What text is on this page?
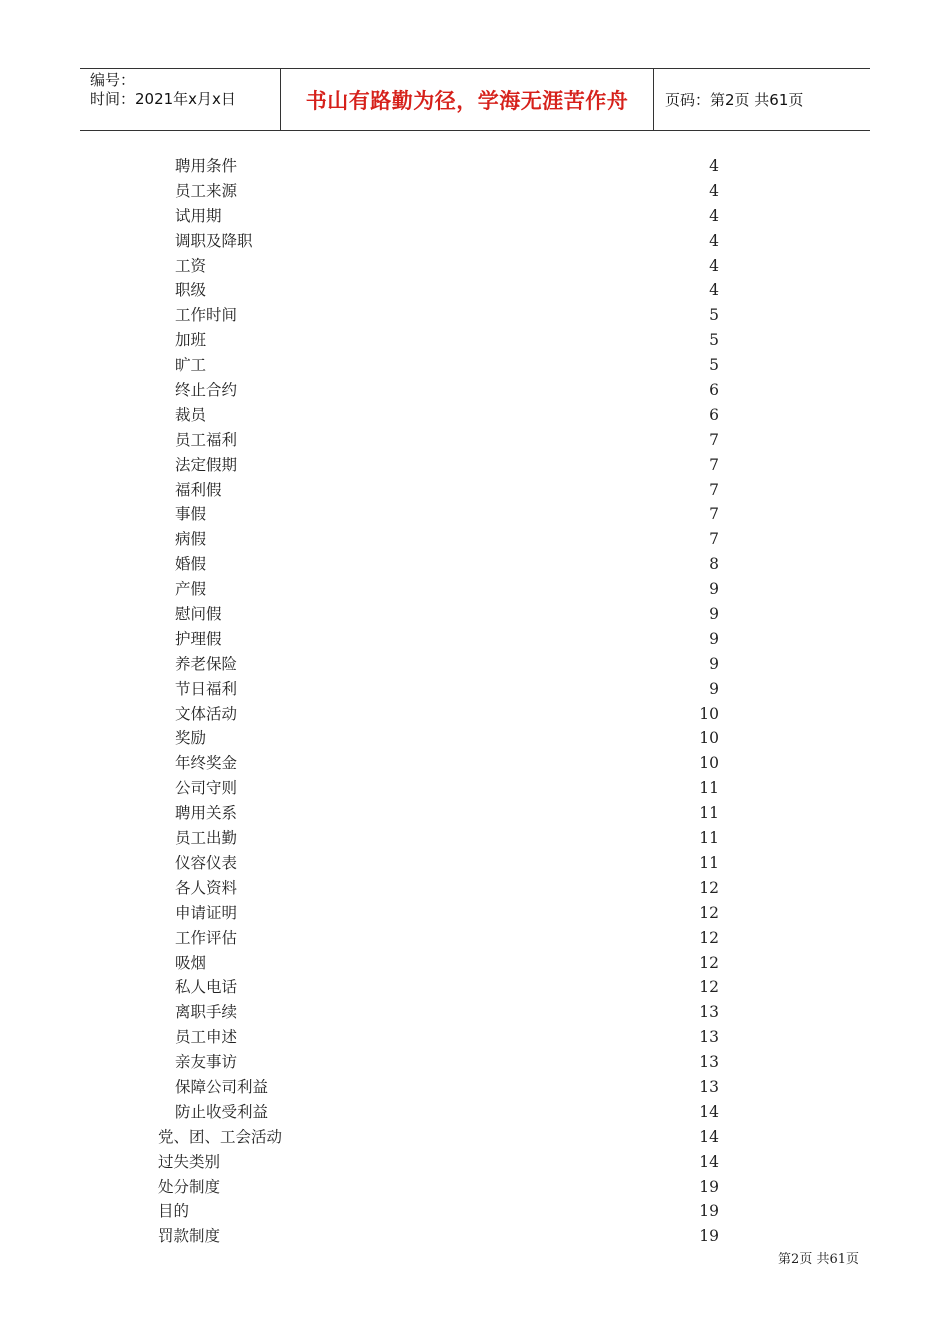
编号：
时间：2021年x月x日	书山有路勤为径，学海无涯苦作舟	页码：第2页 共61页
聘用条件	4
员工来源	4
试用期	4
调职及降职	4
工资	4
职级	4
工作时间	5
加班	5
旷工	5
终止合约	6
裁员	6
员工福利	7
法定假期	7
福利假	7
事假	7
病假	7
婚假	8
产假	9
慰问假	9
护理假	9
养老保险	9
节日福利	9
文体活动	10
奖励	10
年终奖金	10
公司守则	11
聘用关系	11
员工出勤	11
仪容仪表	11
各人资料	12
申请证明	12
工作评估	12
吸烟	12
私人电话	12
离职手续	13
员工申述	13
亲友事访	13
保障公司利益	13
防止收受利益	14
党、团、工会活动	14
过失类别	14
处分制度	19
目的	19
罚款制度	19
第2页 共61页
